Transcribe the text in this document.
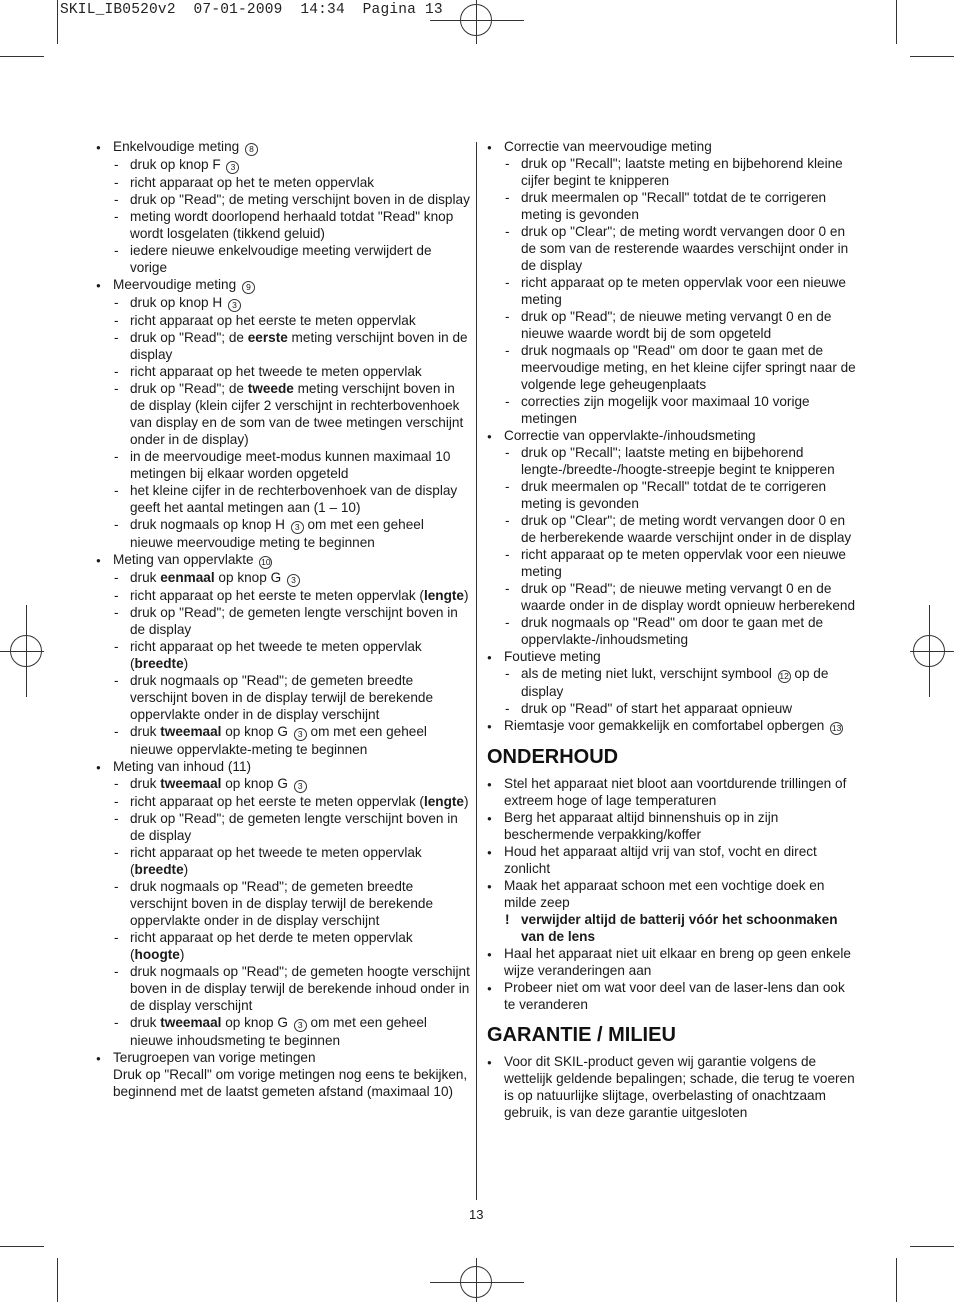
SKIL_IB0520v2  07-01-2009  14:34  Pagina 13
● Enkelvoudige meting 8
- druk op knop F 3
- richt apparaat op het te meten oppervlak
- druk op "Read"; de meting verschijnt boven in de display
- meting wordt doorlopend herhaald totdat "Read" knop wordt losgelaten (tikkend geluid)
- iedere nieuwe enkelvoudige meeting verwijdert de vorige
● Meervoudige meting 9
- druk op knop H 3
- richt apparaat op het eerste te meten oppervlak
- druk op "Read"; de eerste meting verschijnt boven in de display
- richt apparaat op het tweede te meten oppervlak
- druk op "Read"; de tweede meting verschijnt boven in de display (klein cijfer 2 verschijnt in rechterbovenhoek van display en de som van de twee metingen verschijnt onder in de display)
- in de meervoudige meet-modus kunnen maximaal 10 metingen bij elkaar worden opgeteld
- het kleine cijfer in de rechterbovenhoek van de display geeft het aantal metingen aan (1 – 10)
- druk nogmaals op knop H 3 om met een geheel nieuwe meervoudige meting te beginnen
● Meting van oppervlakte 10
- druk eenmaal op knop G 3
- richt apparaat op het eerste te meten oppervlak (lengte)
- druk op "Read"; de gemeten lengte verschijnt boven in de display
- richt apparaat op het tweede te meten oppervlak (breedte)
- druk nogmaals op "Read"; de gemeten breedte verschijnt boven in de display terwijl de berekende oppervlakte onder in de display verschijnt
- druk tweemaal op knop G 3 om met een geheel nieuwe oppervlakte-meting te beginnen
● Meting van inhoud (11)
- druk tweemaal op knop G 3
- richt apparaat op het eerste te meten oppervlak (lengte)
- druk op "Read"; de gemeten lengte verschijnt boven in de display
- richt apparaat op het tweede te meten oppervlak (breedte)
- druk nogmaals op "Read"; de gemeten breedte verschijnt boven in de display terwijl de berekende oppervlakte onder in de display verschijnt
- richt apparaat op het derde te meten oppervlak (hoogte)
- druk nogmaals op "Read"; de gemeten hoogte verschijnt boven in de display terwijl de berekende inhoud onder in de display verschijnt
- druk tweemaal op knop G 3 om met een geheel nieuwe inhoudsmeting te beginnen
● Terugroepen van vorige metingen
Druk op "Recall" om vorige metingen nog eens te bekijken, beginnend met de laatst gemeten afstand (maximaal 10)
● Correctie van meervoudige meting
- druk op "Recall"; laatste meting en bijbehorend kleine cijfer begint te knipperen
- druk meermalen op "Recall" totdat de te corrigeren meting is gevonden
- druk op "Clear"; de meting wordt vervangen door 0 en de som van de resterende waardes verschijnt onder in de display
- richt apparaat op te meten oppervlak voor een nieuwe meting
- druk op "Read"; de nieuwe meting vervangt 0 en de nieuwe waarde wordt bij de som opgeteld
- druk nogmaals op "Read" om door te gaan met de meervoudige meting, en het kleine cijfer springt naar de volgende lege geheugenplaats
- correcties zijn mogelijk voor maximaal 10 vorige metingen
● Correctie van oppervlakte-/inhoudsmeting
- druk op "Recall"; laatste meting en bijbehorend lengte-/breedte-/hoogte-streepje begint te knipperen
- druk meermalen op "Recall" totdat de te corrigeren meting is gevonden
- druk op "Clear"; de meting wordt vervangen door 0 en de herberekende waarde verschijnt onder in de display
- richt apparaat op te meten oppervlak voor een nieuwe meting
- druk op "Read"; de nieuwe meting vervangt 0 en de waarde onder in de display wordt opnieuw herberekend
- druk nogmaals op "Read" om door te gaan met de oppervlakte-/inhoudsmeting
● Foutieve meting
- als de meting niet lukt, verschijnt symbool 12 op de display
- druk op "Read" of start het apparaat opnieuw
● Riemtasje voor gemakkelijk en comfortabel opbergen 13
ONDERHOUD
● Stel het apparaat niet bloot aan voortdurende trillingen of extreem hoge of lage temperaturen
● Berg het apparaat altijd binnenshuis op in zijn beschermende verpakking/koffer
● Houd het apparaat altijd vrij van stof, vocht en direct zonlicht
● Maak het apparaat schoon met een vochtige doek en milde zeep
! verwijder altijd de batterij vóór het schoonmaken van de lens
● Haal het apparaat niet uit elkaar en breng op geen enkele wijze veranderingen aan
● Probeer niet om wat voor deel van de laser-lens dan ook te veranderen
GARANTIE / MILIEU
● Voor dit SKIL-product geven wij garantie volgens de wettelijk geldende bepalingen; schade, die terug te voeren is op natuurlijke slijtage, overbelasting of onachtzaam gebruik, is van deze garantie uitgesloten
13
